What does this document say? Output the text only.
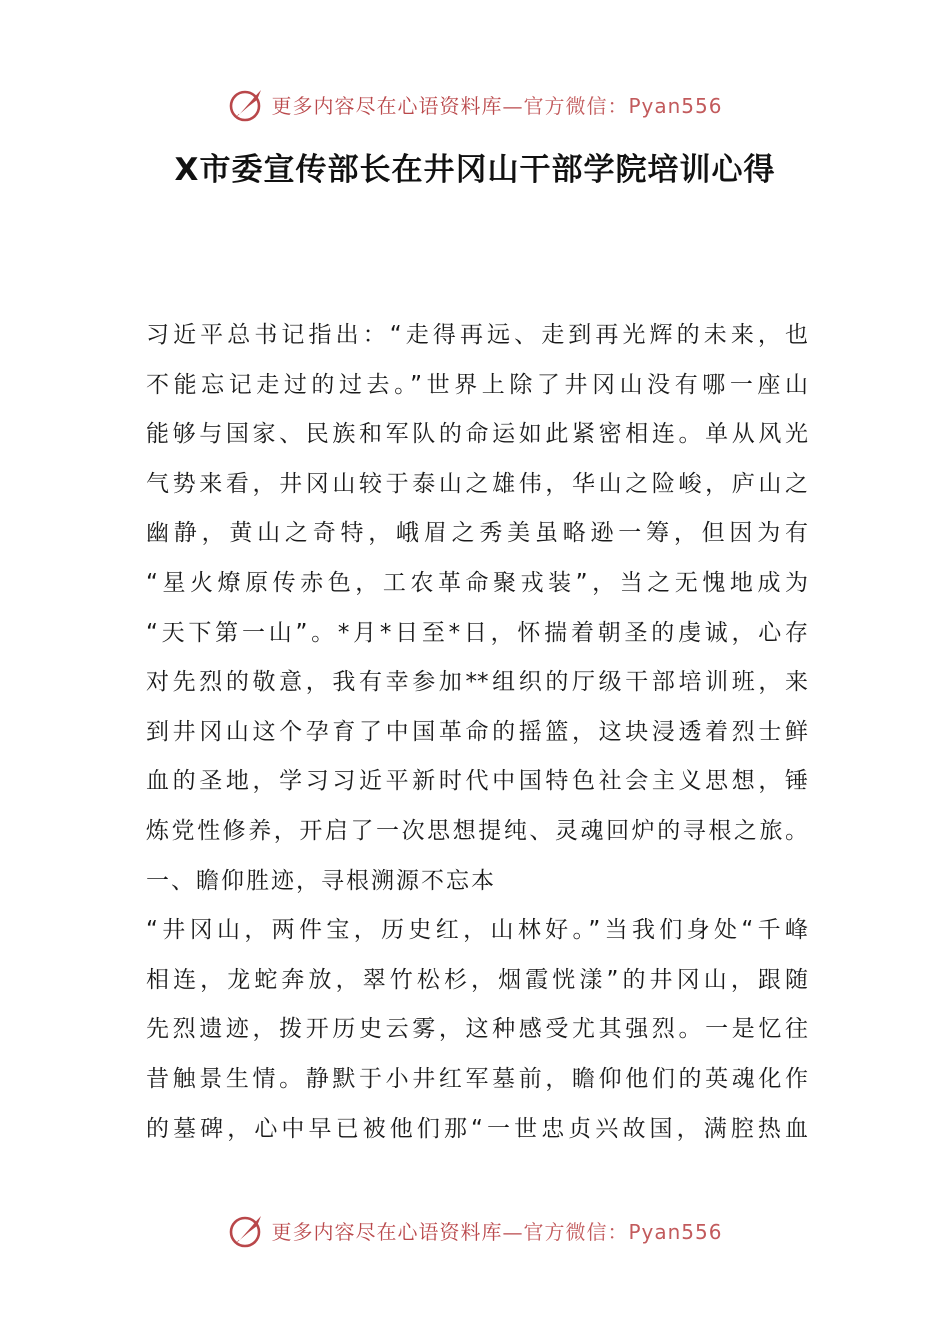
更多内容尽在心语资料库—官方微信：Pyan556
X市委宣传部长在井冈山干部学院培训心得
习近平总书记指出：“走得再远、走到再光辉的未来，也
不能忘记走过的过去。”世界上除了井冈山没有哪一座山
能够与国家、民族和军队的命运如此紧密相连。单从风光
气势来看，井冈山较于泰山之雄伟，华山之险峻，庐山之
幽静，黄山之奇特，峨眉之秀美虽略逊一筹，但因为有
“星火燎原传赤色，工农革命聚戎装”，当之无愧地成为
“天下第一山”。*月*日至*日，怀揣着朝圣的虔诚，心存
对先烈的敬意，我有幸参加**组织的厅级干部培训班，来
到井冈山这个孕育了中国革命的摇篮，这块浸透着烈士鲜
血的圣地，学习习近平新时代中国特色社会主义思想，锤
炼党性修养，开启了一次思想提纯、灵魂回炉的寻根之旅。
一、瞻仰胜迹，寻根溯源不忘本
“井冈山，两件宝，历史红，山林好。”当我们身处“千峰
相连，龙蛇奔放，翠竹松杉，烟霞恍漾”的井冈山，跟随
先烈遗迹，拨开历史云雾，这种感受尤其强烈。一是忆往
昔触景生情。静默于小井红军墓前，瞻仰他们的英魂化作
的墓碑，心中早已被他们那“一世忠贞兴故国，满腔热血
更多内容尽在心语资料库—官方微信：Pyan556
